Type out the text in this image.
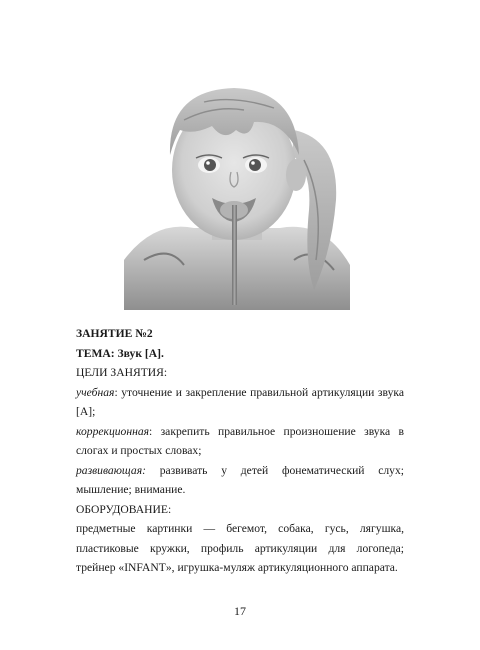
ЗАНЯТИЕ №2

ТЕМА: Звук [А].

ЦЕЛИ ЗАНЯТИЯ:

учебная: уточнение и закрепление правильной артикуляции звука [А];

коррекционная: закрепить правильное произношение звука в слогах и простых словах;

развивающая: развивать у детей фонематический слух; мышление; внимание.

ОБОРУДОВАНИЕ:

предметные картинки — бегемот, собака, гусь, лягушка, пластиковые кружки, профиль артикуляции для логопеда; трейнер «INFANT», игрушка-муляж артикуляционного аппарата.

17
